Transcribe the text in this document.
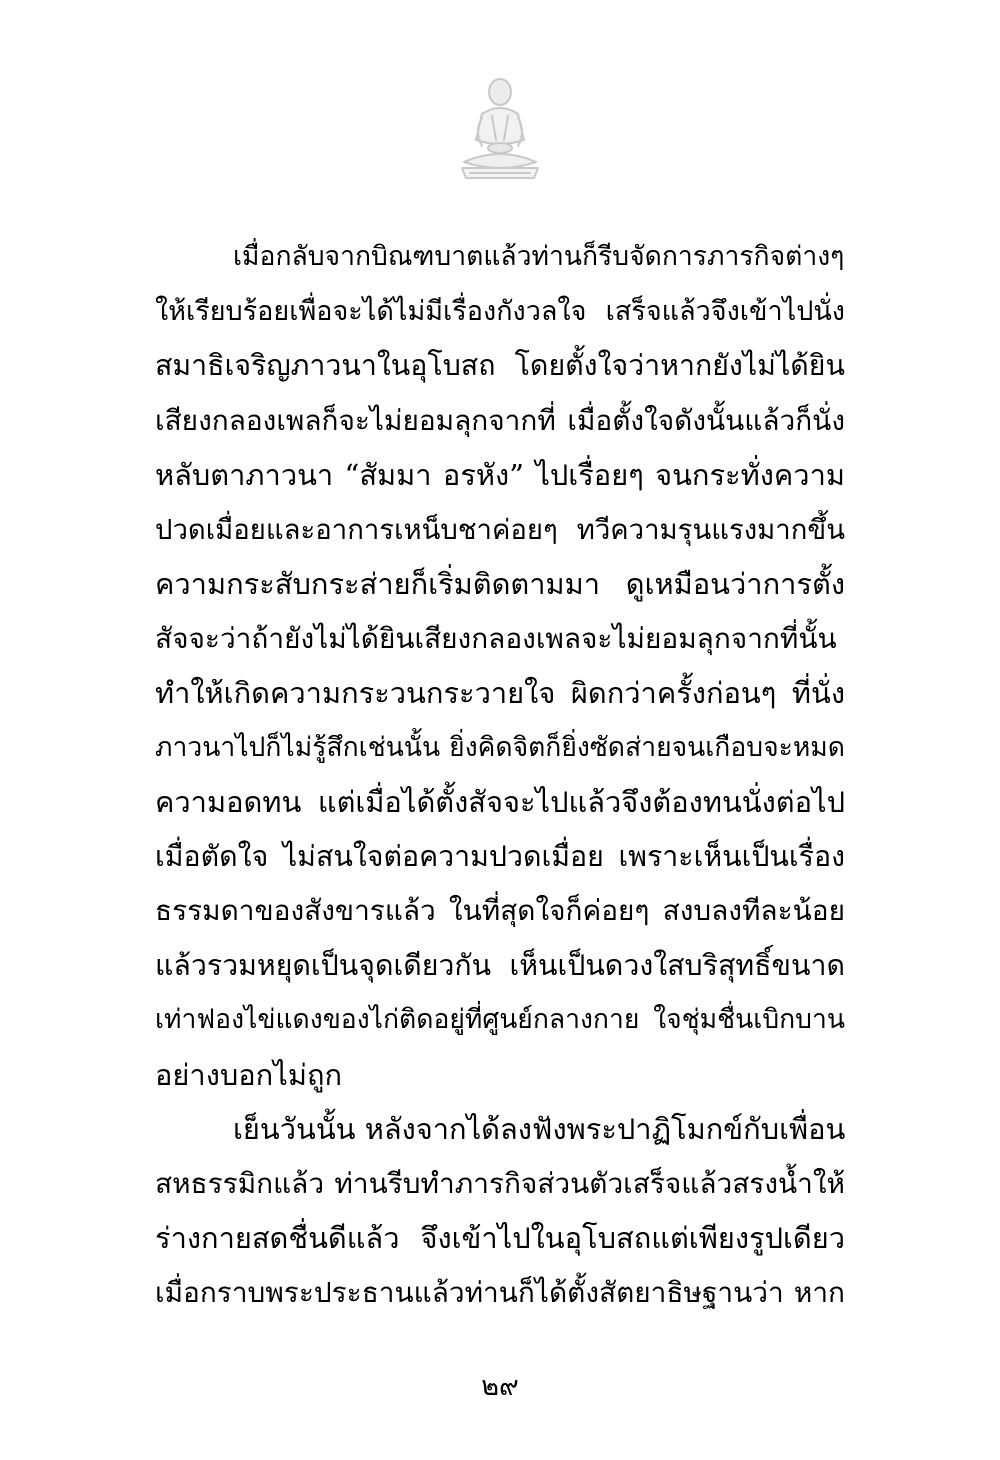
เมื่อกลับจากบิณฑบาตแล้วท่านก็รีบจัดการภารกิจต่างๆ
ให้เรียบร้อยเพื่อจะได้ไม่มีเรื่องกังวลใจ เสร็จแล้วจึงเข้าไปนั่ง
สมาธิเจริญภาวนาในอุโบสถ โดยตั้งใจว่าหากยังไม่ได้ยิน
เสียงกลองเพลก็จะไม่ยอมลุกจากที่ เมื่อตั้งใจดังนั้นแล้วก็นั่ง
หลับตาภาวนา “สัมมา อรหัง” ไปเรื่อยๆ จนกระทั่งความ
ปวดเมื่อยและอาการเหน็บชาค่อยๆ ทวีความรุนแรงมากขึ้น
ความกระสับกระส่ายก็เริ่มติดตามมา ดูเหมือนว่าการตั้ง
สัจจะว่าถ้ายังไม่ได้ยินเสียงกลองเพลจะไม่ยอมลุกจากที่นั้น
ทำให้เกิดความกระวนกระวายใจ ผิดกว่าครั้งก่อนๆ ที่นั่ง
ภาวนาไปก็ไม่รู้สึกเช่นนั้น ยิ่งคิดจิตก็ยิ่งซัดส่ายจนเกือบจะหมด
ความอดทน แต่เมื่อได้ตั้งสัจจะไปแล้วจึงต้องทนนั่งต่อไป
เมื่อตัดใจ ไม่สนใจต่อความปวดเมื่อย เพราะเห็นเป็นเรื่อง
ธรรมดาของสังขารแล้ว ในที่สุดใจก็ค่อยๆ สงบลงทีละน้อย
แล้วรวมหยุดเป็นจุดเดียวกัน เห็นเป็นดวงใสบริสุทธิ์ขนาด
เท่าฟองไข่แดงของไก่ติดอยู่ที่ศูนย์กลางกาย ใจชุ่มชื่นเบิกบาน
อย่างบอกไม่ถูก

เย็นวันนั้น หลังจากได้ลงฟังพระปาฏิโมกข์กับเพื่อน
สหธรรมิกแล้ว ท่านรีบทำภารกิจส่วนตัวเสร็จแล้วสรงน้ำให้
ร่างกายสดชื่นดีแล้ว จึงเข้าไปในอุโบสถแต่เพียงรูปเดียว
เมื่อกราบพระประธานแล้วท่านก็ได้ตั้งสัตยาธิษฐานว่า หาก

๒๙
